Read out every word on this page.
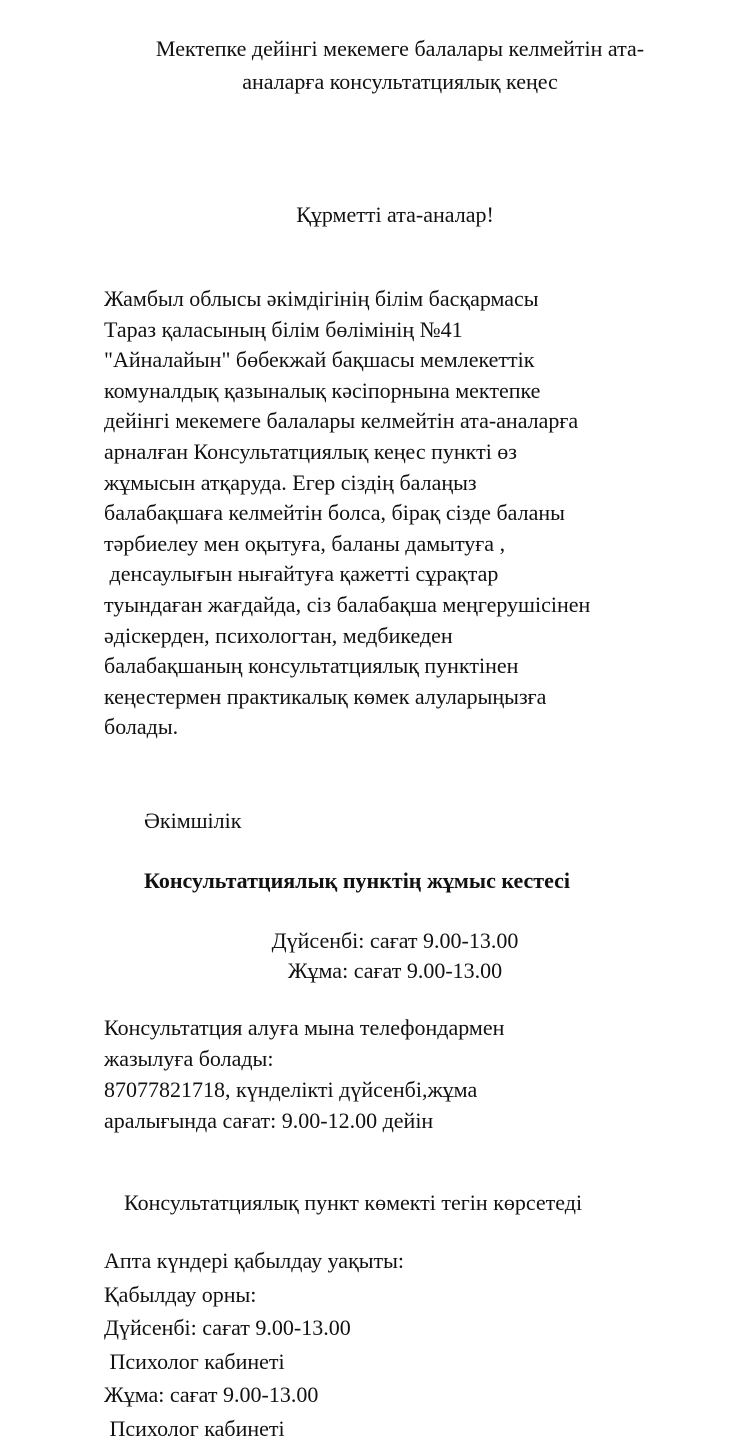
Мектепке дейінгі мекемеге балалары келмейтін ата-
аналарға консультатциялық кеңес
Құрметті ата-аналар!
Жамбыл облысы әкімдігінің білім басқармасы
Тараз қаласының білім бөлімінің №41
"Айналайын" бөбекжай бақшасы мемлекеттік
комуналдық қазыналық кәсіпорнына мектепке
дейінгі мекемеге балалары келмейтін ата-аналарға
арналған Консультатциялық кеңес пункті өз
жұмысын атқаруда. Егер сіздің балаңыз
балабақшаға келмейтін болса, бірақ сізде баланы
тәрбиелеу мен оқытуға, баланы дамытуға ,
денсаулығын нығайтуға қажетті сұрақтар
туындаған жағдайда, сіз балабақша меңгерушісінен
әдіскерден, психологтан, медбикеден
балабақшаның консультатциялық пунктінен
кеңестермен практикалық көмек алуларыңызға
болады.
Әкімшілік
Консультатциялық пунктің жұмыс кестесі
Дүйсенбі: сағат 9.00-13.00
Жұма: сағат 9.00-13.00
Консультатция алуға мына телефондармен
жазылуға болады:
87077821718, күнделікті дүйсенбі,жұма
аралығында сағат: 9.00-12.00 дейін
Консультатциялық пункт көмекті тегін көрсетеді
Апта күндері қабылдау уақыты:
Қабылдау орны:
Дүйсенбі: сағат 9.00-13.00
Психолог кабинеті
Жұма: сағат 9.00-13.00
Психолог кабинеті
